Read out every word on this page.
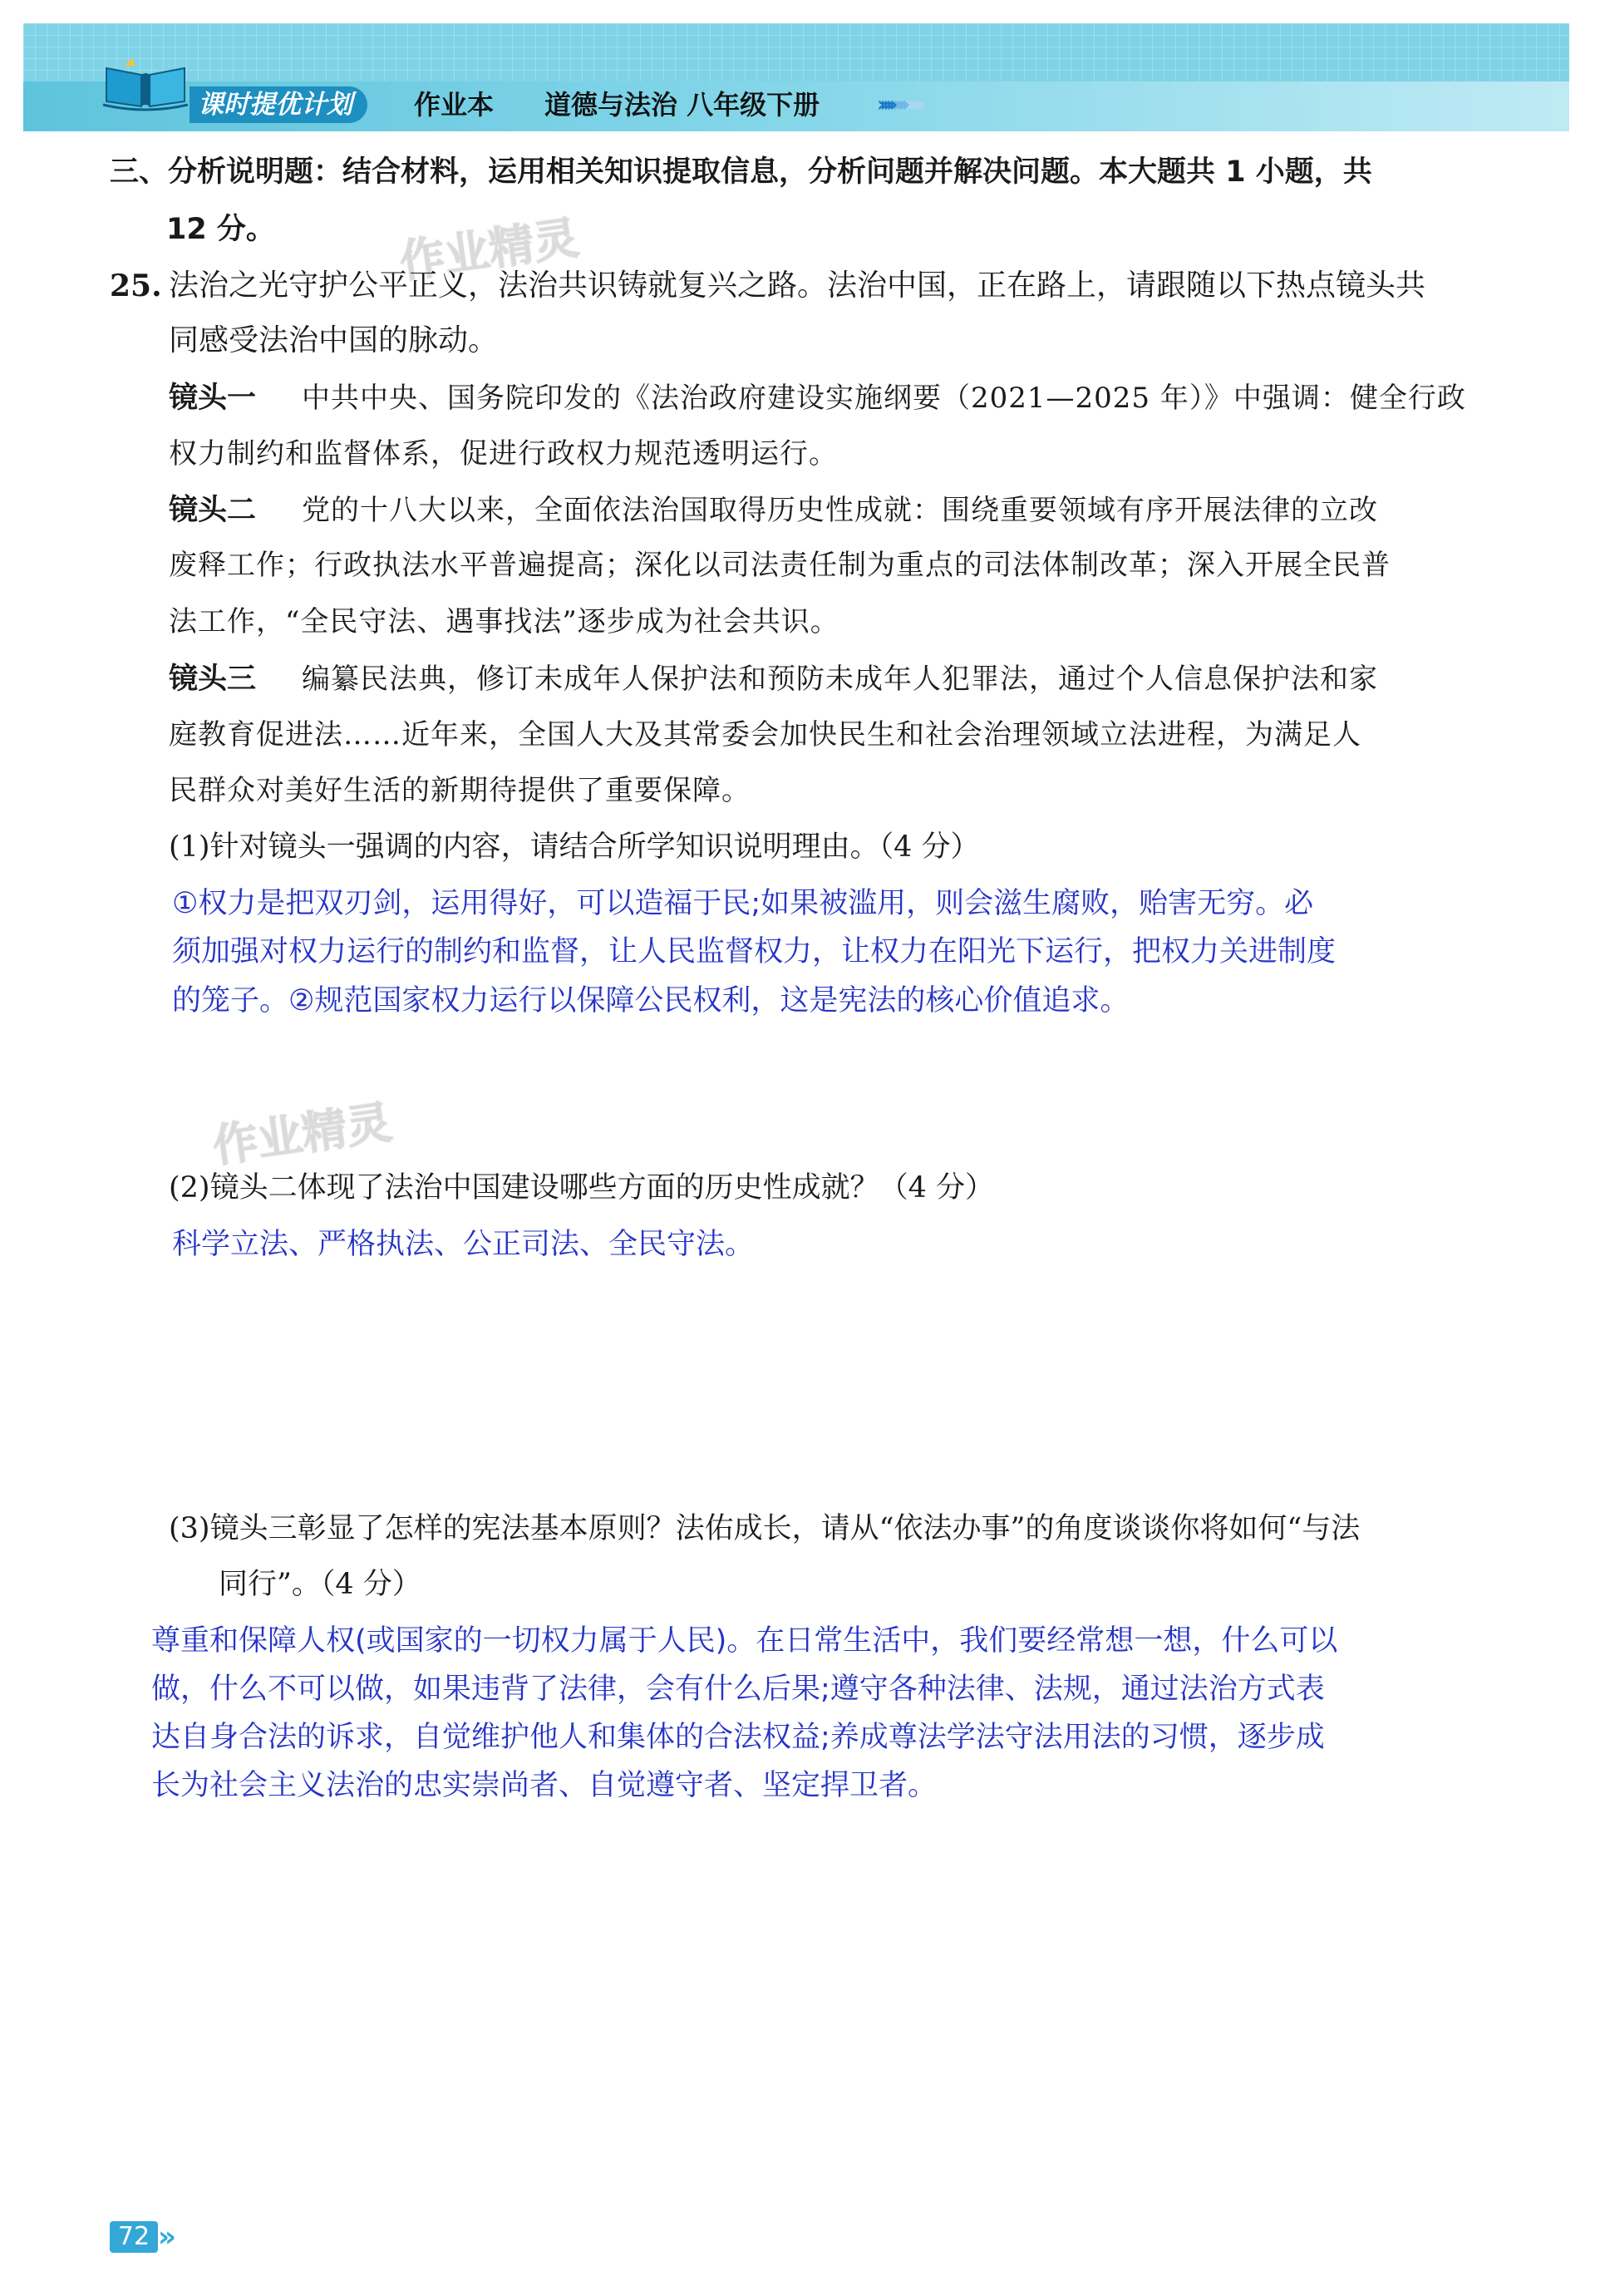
课时提优计划	作业本 道德与法治 八年级下册	››››››››››››››
作业精灵
作业精灵
三、分析说明题：结合材料，运用相关知识提取信息，分析问题并解决问题。本大题共 1 小题，共
12 分。
25. 法治之光守护公平正义，法治共识铸就复兴之路。法治中国，正在路上，请跟随以下热点镜头共
同感受法治中国的脉动。
镜头一 中共中央、国务院印发的《法治政府建设实施纲要（2021—2025 年）》中强调：健全行政
权力制约和监督体系，促进行政权力规范透明运行。
镜头二 党的十八大以来，全面依法治国取得历史性成就：围绕重要领域有序开展法律的立改
废释工作；行政执法水平普遍提高；深化以司法责任制为重点的司法体制改革；深入开展全民普
法工作，“全民守法、遇事找法”逐步成为社会共识。
镜头三 编纂民法典，修订未成年人保护法和预防未成年人犯罪法，通过个人信息保护法和家
庭教育促进法……近年来，全国人大及其常委会加快民生和社会治理领域立法进程，为满足人
民群众对美好生活的新期待提供了重要保障。
(1)针对镜头一强调的内容，请结合所学知识说明理由。（4 分）
①权力是把双刃剑，运用得好，可以造福于民;如果被滥用，则会滋生腐败，贻害无穷。必
须加强对权力运行的制约和监督，让人民监督权力，让权力在阳光下运行，把权力关进制度
的笼子。②规范国家权力运行以保障公民权利，这是宪法的核心价值追求。
(2)镜头二体现了法治中国建设哪些方面的历史性成就？（4 分）
科学立法、严格执法、公正司法、全民守法。
(3)镜头三彰显了怎样的宪法基本原则？法佑成长，请从“依法办事”的角度谈谈你将如何“与法
同行”。（4 分）
尊重和保障人权(或国家的一切权力属于人民)。在日常生活中，我们要经常想一想，什么可以
做，什么不可以做，如果违背了法律，会有什么后果;遵守各种法律、法规，通过法治方式表
达自身合法的诉求，自觉维护他人和集体的合法权益;养成尊法学法守法用法的习惯，逐步成
长为社会主义法治的忠实崇尚者、自觉遵守者、坚定捍卫者。
72 »
